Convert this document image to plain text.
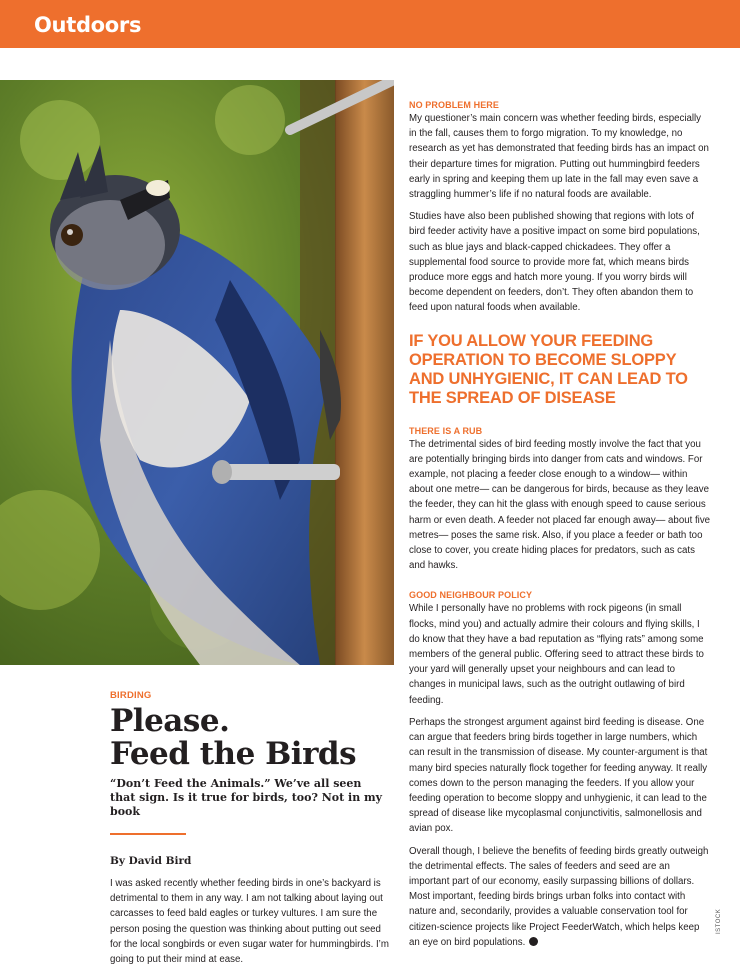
Outdoors
BIRDING
Please.
Feed the Birds
“Don’t Feed the Animals.” We’ve all seen that sign. Is it true for birds, too? Not in my book
By David Bird
I was asked recently whether feeding birds in one’s backyard is detrimental to them in any way. I am not talking about laying out carcasses to feed bald eagles or turkey vultures. I am sure the person posing the question was thinking about putting out seed for the local songbirds or even sugar water for hummingbirds. I’m going to put their mind at ease.
NO PROBLEM HERE

My questioner’s main concern was whether feeding birds, especially in the fall, causes them to forgo migration. To my knowledge, no research as yet has demonstrated that feeding birds has an impact on their departure times for migration. Putting out hummingbird feeders early in spring and keeping them up late in the fall may even save a straggling hummer’s life if no natural foods are available.

Studies have also been published showing that regions with lots of bird feeder activity have a positive impact on some bird populations, such as blue jays and black-capped chickadees. They offer a supplemental food source to provide more fat, which means birds produce more eggs and hatch more young. If you worry birds will become dependent on feeders, don’t. They often abandon them to feed upon natural foods when available.

IF YOU ALLOW YOUR FEEDING OPERATION TO BECOME SLOPPY AND UNHYGIENIC, IT CAN LEAD TO THE SPREAD OF DISEASE
THERE IS A RUB

The detrimental sides of bird feeding mostly involve the fact that you are potentially bringing birds into danger from cats and windows. For example, not placing a feeder close enough to a window— within about one metre— can be dangerous for birds, because as they leave the feeder, they can hit the glass with enough speed to cause serious harm or even death. A feeder not placed far enough away— about five metres— poses the same risk. Also, if you place a feeder or bath too close to cover, you create hiding places for predators, such as cats and hawks.

GOOD NEIGHBOUR POLICY

While I personally have no problems with rock pigeons (in small flocks, mind you) and actually admire their colours and flying skills, I do know that they have a bad reputation as “flying rats” among some members of the general public. Offering seed to attract these birds to your yard will generally upset your neighbours and can lead to changes in municipal laws, such as the outright outlawing of bird feeding.

Perhaps the strongest argument against bird feeding is disease. One can argue that feeders bring birds together in large numbers, which can result in the transmission of disease. My counter-argument is that many bird species naturally flock together for feeding anyway. It really comes down to the person managing the feeders. If you allow your feeding operation to become sloppy and unhygienic, it can lead to the spread of disease like mycoplasmal conjunctivitis, salmonellosis and avian pox.

Overall though, I believe the benefits of feeding birds greatly outweigh the detrimental effects. The sales of feeders and seed are an important part of our economy, easily surpassing billions of dollars. Most important, feeding birds brings urban folks into contact with nature and, secondarily, provides a valuable conservation tool for citizen-science projects like Project FeederWatch, which helps keep an eye on bird populations.

ISTOCK
